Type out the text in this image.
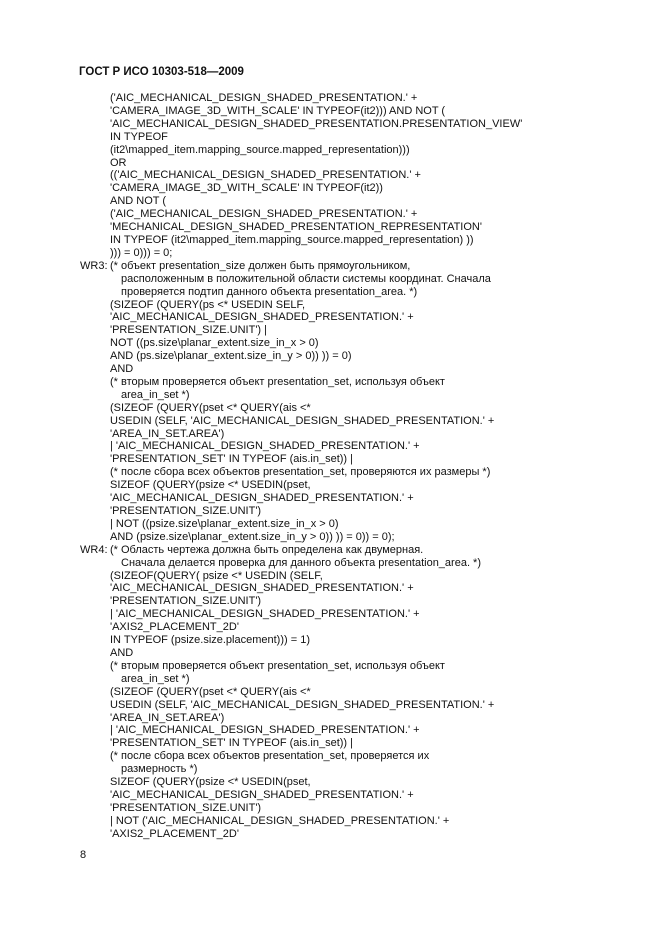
ГОСТ Р ИСО 10303-518—2009
('AIC_MECHANICAL_DESIGN_SHADED_PRESENTATION.' +
'CAMERA_IMAGE_3D_WITH_SCALE' IN TYPEOF(it2))) AND NOT (
'AIC_MECHANICAL_DESIGN_SHADED_PRESENTATION.PRESENTATION_VIEW'
IN TYPEOF
(it2\mapped_item.mapping_source.mapped_representation)))
OR
(('AIC_MECHANICAL_DESIGN_SHADED_PRESENTATION.' +
'CAMERA_IMAGE_3D_WITH_SCALE' IN TYPEOF(it2))
AND NOT (
('AIC_MECHANICAL_DESIGN_SHADED_PRESENTATION.' +
'MECHANICAL_DESIGN_SHADED_PRESENTATION_REPRESENTATION'
IN TYPEOF (it2\mapped_item.mapping_source.mapped_representation) ))
))) = 0))) = 0;
WR3: (* объект presentation_size должен быть прямоугольником,
расположенным в положительной области системы координат. Сначала
проверяется подтип данного объекта presentation_area. *)
(SIZEOF (QUERY(ps <* USEDIN SELF,
'AIC_MECHANICAL_DESIGN_SHADED_PRESENTATION.' +
'PRESENTATION_SIZE.UNIT') |
NOT ((ps.size\planar_extent.size_in_x > 0)
AND (ps.size\planar_extent.size_in_y > 0)) )) = 0)
AND
(* вторым проверяется объект presentation_set, используя объект
area_in_set *)
(SIZEOF (QUERY(pset <* QUERY(ais <*
USEDIN (SELF, 'AIC_MECHANICAL_DESIGN_SHADED_PRESENTATION.' +
'AREA_IN_SET.AREA')
| 'AIC_MECHANICAL_DESIGN_SHADED_PRESENTATION.' +
'PRESENTATION_SET' IN TYPEOF (ais.in_set)) |
(* после сбора всех объектов presentation_set, проверяются их размеры *)
SIZEOF (QUERY(psize <* USEDIN(pset,
'AIC_MECHANICAL_DESIGN_SHADED_PRESENTATION.' +
'PRESENTATION_SIZE.UNIT')
| NOT ((psize.size\planar_extent.size_in_x > 0)
AND (psize.size\planar_extent.size_in_y > 0)) )) = 0)) = 0);
WR4: (* Область чертежа должна быть определена как двумерная.
Сначала делается проверка для данного объекта presentation_area. *)
(SIZEOF(QUERY( psize <* USEDIN (SELF,
'AIC_MECHANICAL_DESIGN_SHADED_PRESENTATION.' +
'PRESENTATION_SIZE.UNIT')
| 'AIC_MECHANICAL_DESIGN_SHADED_PRESENTATION.' +
'AXIS2_PLACEMENT_2D'
IN TYPEOF (psize.size.placement))) = 1)
AND
(* вторым проверяется объект presentation_set, используя объект
area_in_set *)
(SIZEOF (QUERY(pset <* QUERY(ais <*
USEDIN (SELF, 'AIC_MECHANICAL_DESIGN_SHADED_PRESENTATION.' +
'AREA_IN_SET.AREA')
| 'AIC_MECHANICAL_DESIGN_SHADED_PRESENTATION.' +
'PRESENTATION_SET' IN TYPEOF (ais.in_set)) |
(* после сбора всех объектов presentation_set, проверяется их
размерность *)
SIZEOF (QUERY(psize <* USEDIN(pset,
'AIC_MECHANICAL_DESIGN_SHADED_PRESENTATION.' +
'PRESENTATION_SIZE.UNIT')
| NOT ('AIC_MECHANICAL_DESIGN_SHADED_PRESENTATION.' +
'AXIS2_PLACEMENT_2D'
8
